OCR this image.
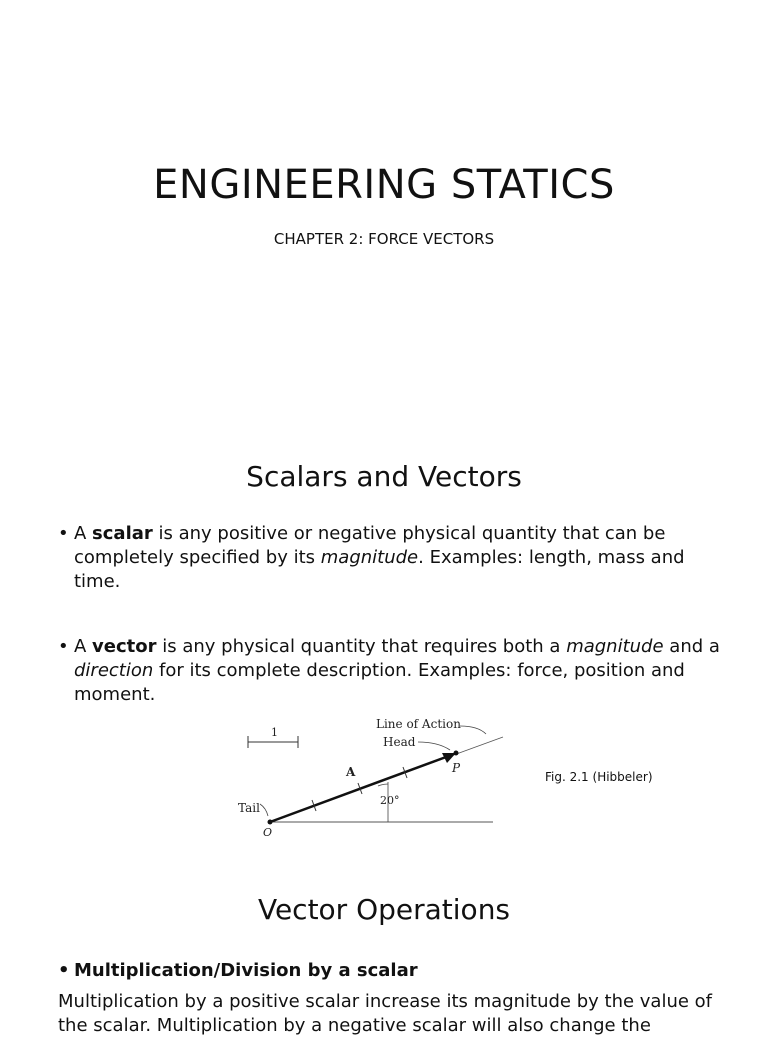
ENGINEERING STATICS

CHAPTER 2: FORCE VECTORS

Scalars and Vectors
• A scalar is any positive or negative physical quantity that can be completely specified by its magnitude. Examples: length, mass and time.
• A vector is any physical quantity that requires both a magnitude and a direction for its complete description. Examples: force, position and moment.
1
20°
Line of Action
Head
P
A
Tail
O
Fig. 2.1 (Hibbeler)
Vector Operations
• Multiplication/Division by a scalar
Multiplication by a positive scalar increase its magnitude by the value of the scalar. Multiplication by a negative scalar will also change the
